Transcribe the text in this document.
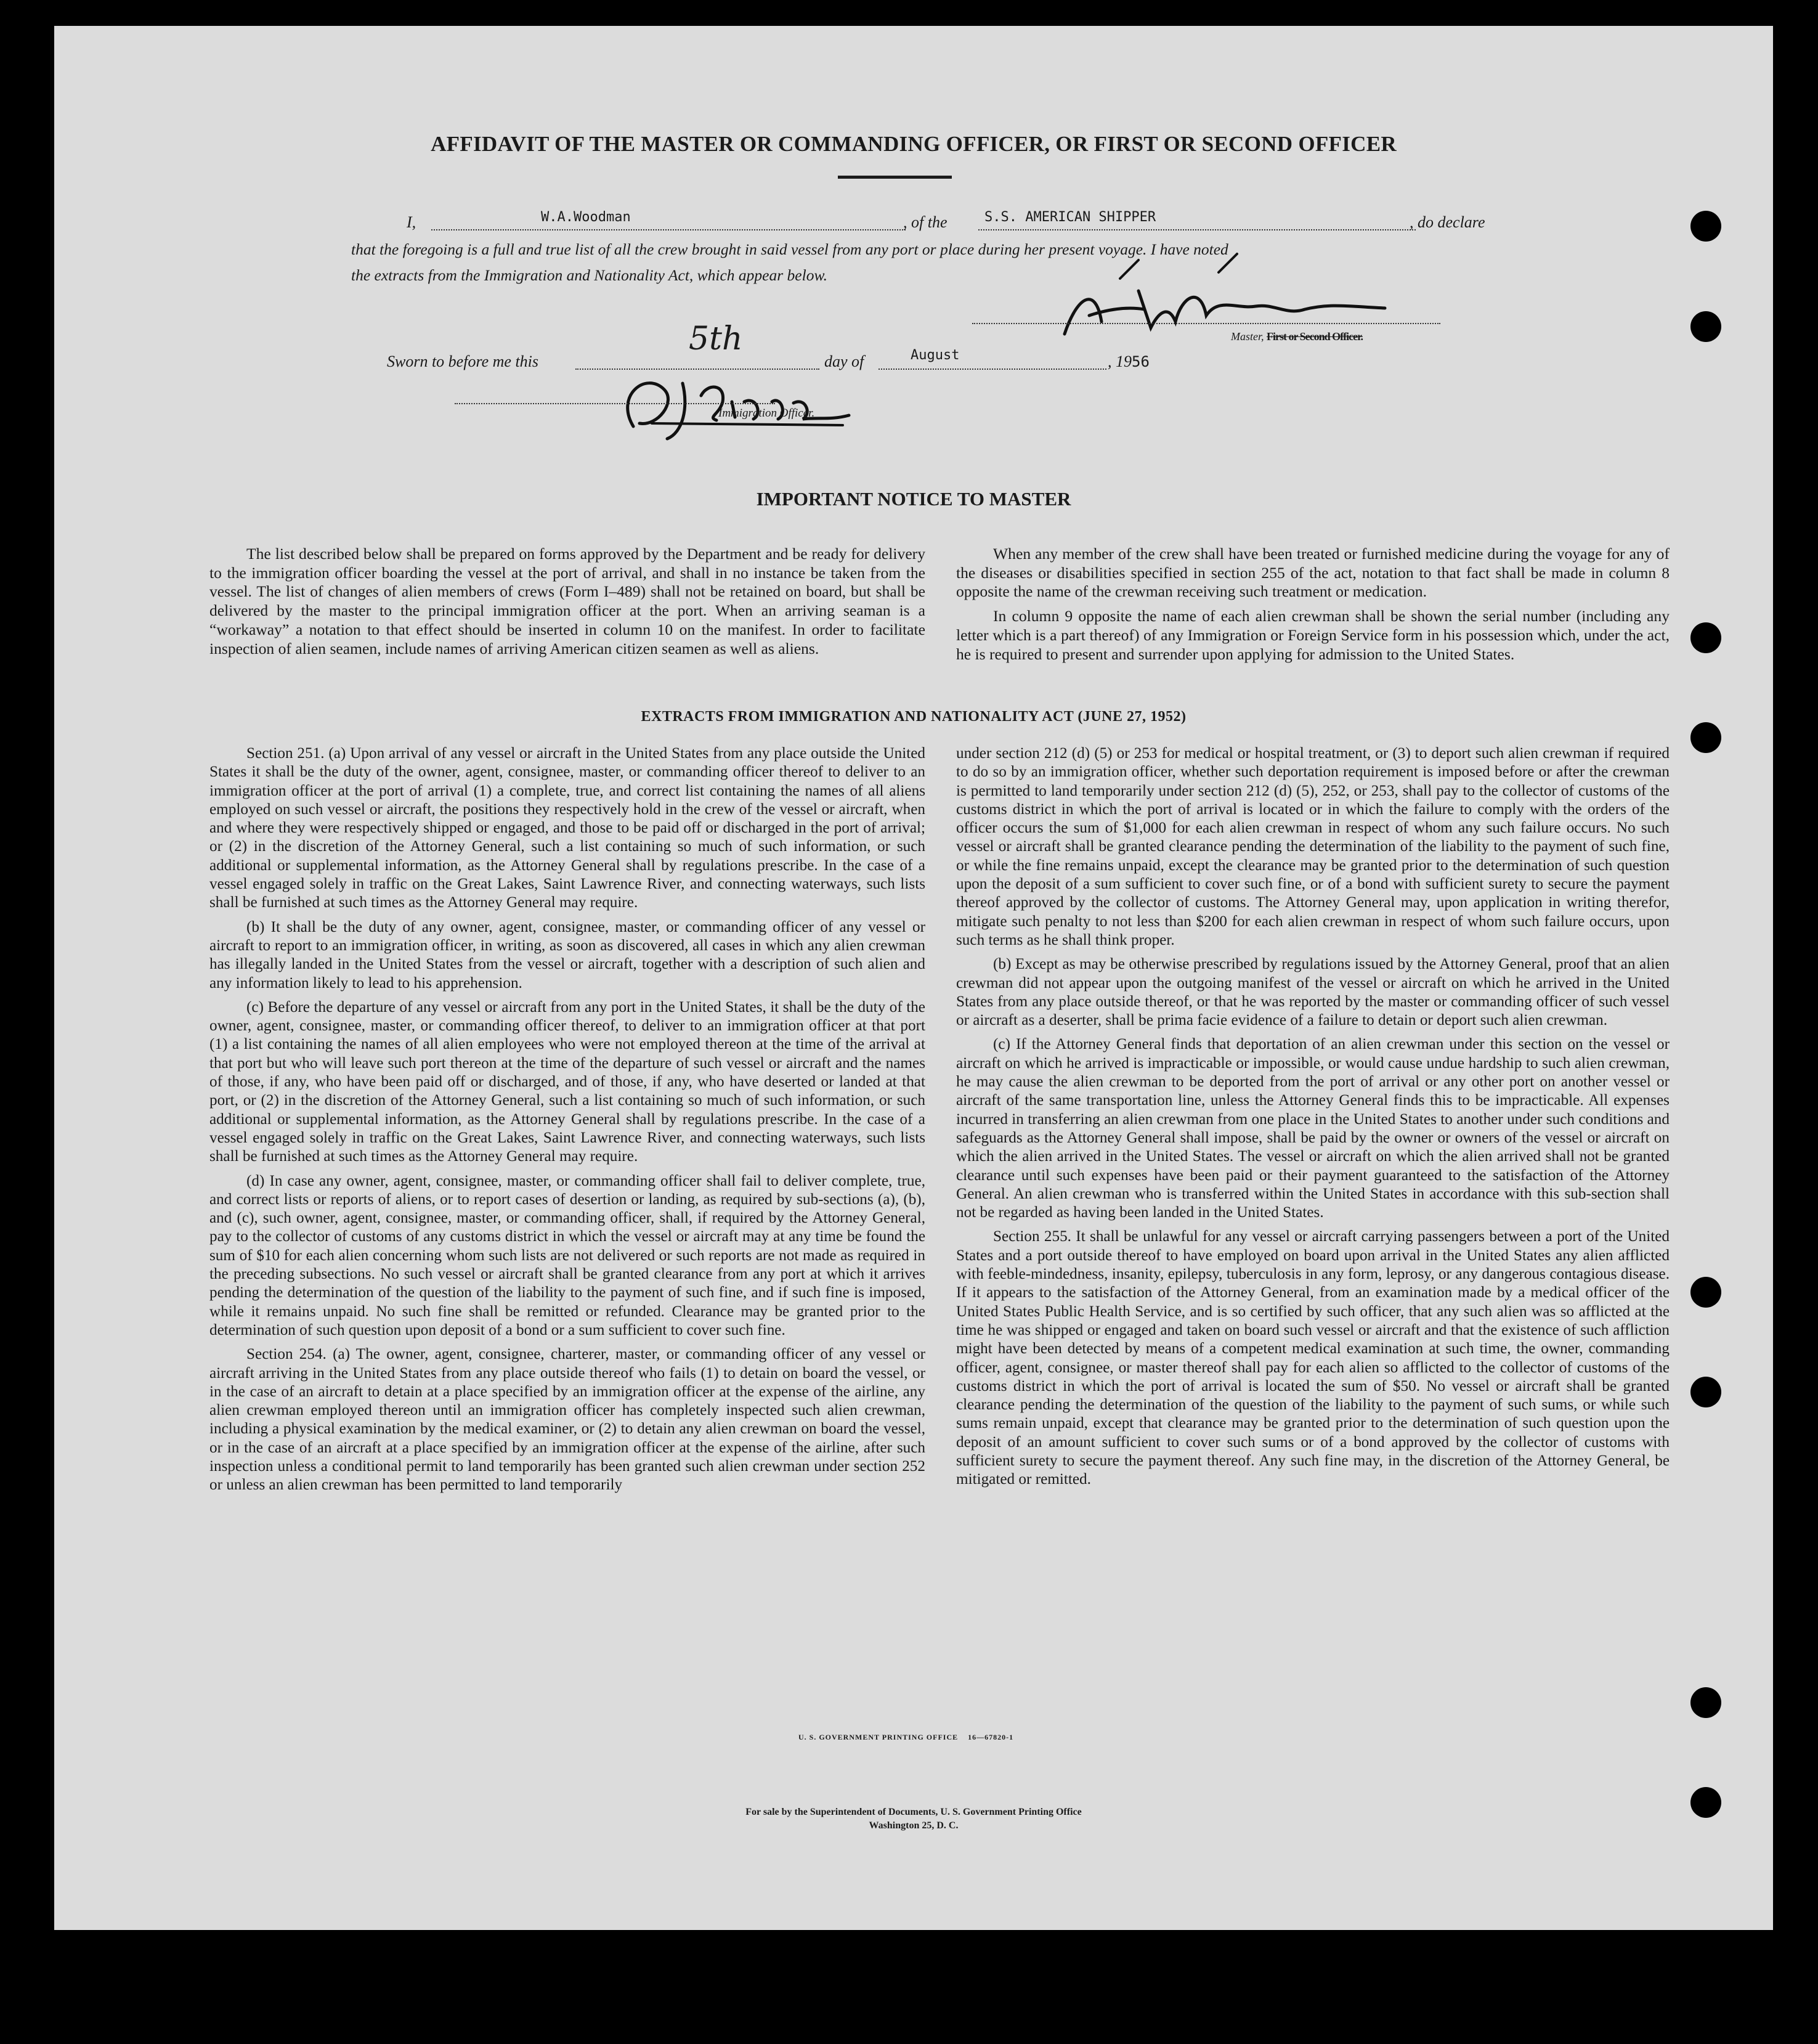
AFFIDAVIT OF THE MASTER OR COMMANDING OFFICER, OR FIRST OR SECOND OFFICER
I,	W.A.Woodman	, of the	S.S. AMERICAN SHIPPER	, do declare
that the foregoing is a full and true list of all the crew brought in said vessel from any port or place during her present voyage. I have noted
the extracts from the Immigration and Nationality Act, which appear below.
Master, First or Second Officer.
Sworn to before me this
5th
day of	August	, 1956
Immigration Officer.
IMPORTANT NOTICE TO MASTER

The list described below shall be prepared on forms approved by the Department and be ready for delivery to the immigration officer boarding the vessel at the port of arrival, and shall in no instance be taken from the vessel. The list of changes of alien members of crews (Form I–489) shall not be retained on board, but shall be delivered by the master to the principal immigration officer at the port. When an arriving seaman is a “workaway” a notation to that effect should be inserted in column 10 on the manifest. In order to facilitate inspection of alien seamen, include names of arriving American citizen seamen as well as aliens.

When any member of the crew shall have been treated or furnished medicine during the voyage for any of the diseases or disabilities specified in section 255 of the act, notation to that fact shall be made in column 8 opposite the name of the crewman receiving such treatment or medication.

In column 9 opposite the name of each alien crewman shall be shown the serial number (including any letter which is a part thereof) of any Immigration or Foreign Service form in his possession which, under the act, he is required to present and surrender upon applying for admission to the United States.

EXTRACTS FROM IMMIGRATION AND NATIONALITY ACT (JUNE 27, 1952)

Section 251. (a) Upon arrival of any vessel or aircraft in the United States from any place outside the United States it shall be the duty of the owner, agent, consignee, master, or commanding officer thereof to deliver to an immigration officer at the port of arrival (1) a complete, true, and correct list containing the names of all aliens employed on such vessel or aircraft, the positions they respectively hold in the crew of the vessel or aircraft, when and where they were respectively shipped or engaged, and those to be paid off or discharged in the port of arrival; or (2) in the discretion of the Attorney General, such a list containing so much of such information, or such additional or supplemental information, as the Attorney General shall by regulations prescribe. In the case of a vessel engaged solely in traffic on the Great Lakes, Saint Lawrence River, and connecting waterways, such lists shall be furnished at such times as the Attorney General may require.

(b) It shall be the duty of any owner, agent, consignee, master, or commanding officer of any vessel or aircraft to report to an immigration officer, in writing, as soon as discovered, all cases in which any alien crewman has illegally landed in the United States from the vessel or aircraft, together with a description of such alien and any information likely to lead to his apprehension.

(c) Before the departure of any vessel or aircraft from any port in the United States, it shall be the duty of the owner, agent, consignee, master, or commanding officer thereof, to deliver to an immigration officer at that port (1) a list containing the names of all alien employees who were not employed thereon at the time of the arrival at that port but who will leave such port thereon at the time of the departure of such vessel or aircraft and the names of those, if any, who have been paid off or discharged, and of those, if any, who have deserted or landed at that port, or (2) in the discretion of the Attorney General, such a list containing so much of such information, or such additional or supplemental information, as the Attorney General shall by regulations prescribe. In the case of a vessel engaged solely in traffic on the Great Lakes, Saint Lawrence River, and connecting waterways, such lists shall be furnished at such times as the Attorney General may require.

(d) In case any owner, agent, consignee, master, or commanding officer shall fail to deliver complete, true, and correct lists or reports of aliens, or to report cases of desertion or landing, as required by sub-sections (a), (b), and (c), such owner, agent, consignee, master, or commanding officer, shall, if required by the Attorney General, pay to the collector of customs of any customs district in which the vessel or aircraft may at any time be found the sum of $10 for each alien concerning whom such lists are not delivered or such reports are not made as required in the preceding subsections. No such vessel or aircraft shall be granted clearance from any port at which it arrives pending the determination of the question of the liability to the payment of such fine, and if such fine is imposed, while it remains unpaid. No such fine shall be remitted or refunded. Clearance may be granted prior to the determination of such question upon deposit of a bond or a sum sufficient to cover such fine.

Section 254. (a) The owner, agent, consignee, charterer, master, or commanding officer of any vessel or aircraft arriving in the United States from any place outside thereof who fails (1) to detain on board the vessel, or in the case of an aircraft to detain at a place specified by an immigration officer at the expense of the airline, any alien crewman employed thereon until an immigration officer has completely inspected such alien crewman, including a physical examination by the medical examiner, or (2) to detain any alien crewman on board the vessel, or in the case of an aircraft at a place specified by an immigration officer at the expense of the airline, after such inspection unless a conditional permit to land temporarily has been granted such alien crewman under section 252 or unless an alien crewman has been permitted to land temporarily

under section 212 (d) (5) or 253 for medical or hospital treatment, or (3) to deport such alien crewman if required to do so by an immigration officer, whether such deportation requirement is imposed before or after the crewman is permitted to land temporarily under section 212 (d) (5), 252, or 253, shall pay to the collector of customs of the customs district in which the port of arrival is located or in which the failure to comply with the orders of the officer occurs the sum of $1,000 for each alien crewman in respect of whom any such failure occurs. No such vessel or aircraft shall be granted clearance pending the determination of the liability to the payment of such fine, or while the fine remains unpaid, except the clearance may be granted prior to the determination of such question upon the deposit of a sum sufficient to cover such fine, or of a bond with sufficient surety to secure the payment thereof approved by the collector of customs. The Attorney General may, upon application in writing therefor, mitigate such penalty to not less than $200 for each alien crewman in respect of whom such failure occurs, upon such terms as he shall think proper.

(b) Except as may be otherwise prescribed by regulations issued by the Attorney General, proof that an alien crewman did not appear upon the outgoing manifest of the vessel or aircraft on which he arrived in the United States from any place outside thereof, or that he was reported by the master or commanding officer of such vessel or aircraft as a deserter, shall be prima facie evidence of a failure to detain or deport such alien crewman.

(c) If the Attorney General finds that deportation of an alien crewman under this section on the vessel or aircraft on which he arrived is impracticable or impossible, or would cause undue hardship to such alien crewman, he may cause the alien crewman to be deported from the port of arrival or any other port on another vessel or aircraft of the same transportation line, unless the Attorney General finds this to be impracticable. All expenses incurred in transferring an alien crewman from one place in the United States to another under such conditions and safeguards as the Attorney General shall impose, shall be paid by the owner or owners of the vessel or aircraft on which the alien arrived in the United States. The vessel or aircraft on which the alien arrived shall not be granted clearance until such expenses have been paid or their payment guaranteed to the satisfaction of the Attorney General. An alien crewman who is transferred within the United States in accordance with this sub-section shall not be regarded as having been landed in the United States.

Section 255. It shall be unlawful for any vessel or aircraft carrying passengers between a port of the United States and a port outside thereof to have employed on board upon arrival in the United States any alien afflicted with feeble-mindedness, insanity, epilepsy, tuberculosis in any form, leprosy, or any dangerous contagious disease. If it appears to the satisfaction of the Attorney General, from an examination made by a medical officer of the United States Public Health Service, and is so certified by such officer, that any such alien was so afflicted at the time he was shipped or engaged and taken on board such vessel or aircraft and that the existence of such affliction might have been detected by means of a competent medical examination at such time, the owner, commanding officer, agent, consignee, or master thereof shall pay for each alien so afflicted to the collector of customs of the customs district in which the port of arrival is located the sum of $50. No vessel or aircraft shall be granted clearance pending the determination of the question of the liability to the payment of such sums, or while such sums remain unpaid, except that clearance may be granted prior to the determination of such question upon the deposit of an amount sufficient to cover such sums or of a bond approved by the collector of customs with sufficient surety to secure the payment thereof. Any such fine may, in the discretion of the Attorney General, be mitigated or remitted.

U. S. GOVERNMENT PRINTING OFFICE    16—67820-1
For sale by the Superintendent of Documents, U. S. Government Printing Office
Washington 25, D. C.
